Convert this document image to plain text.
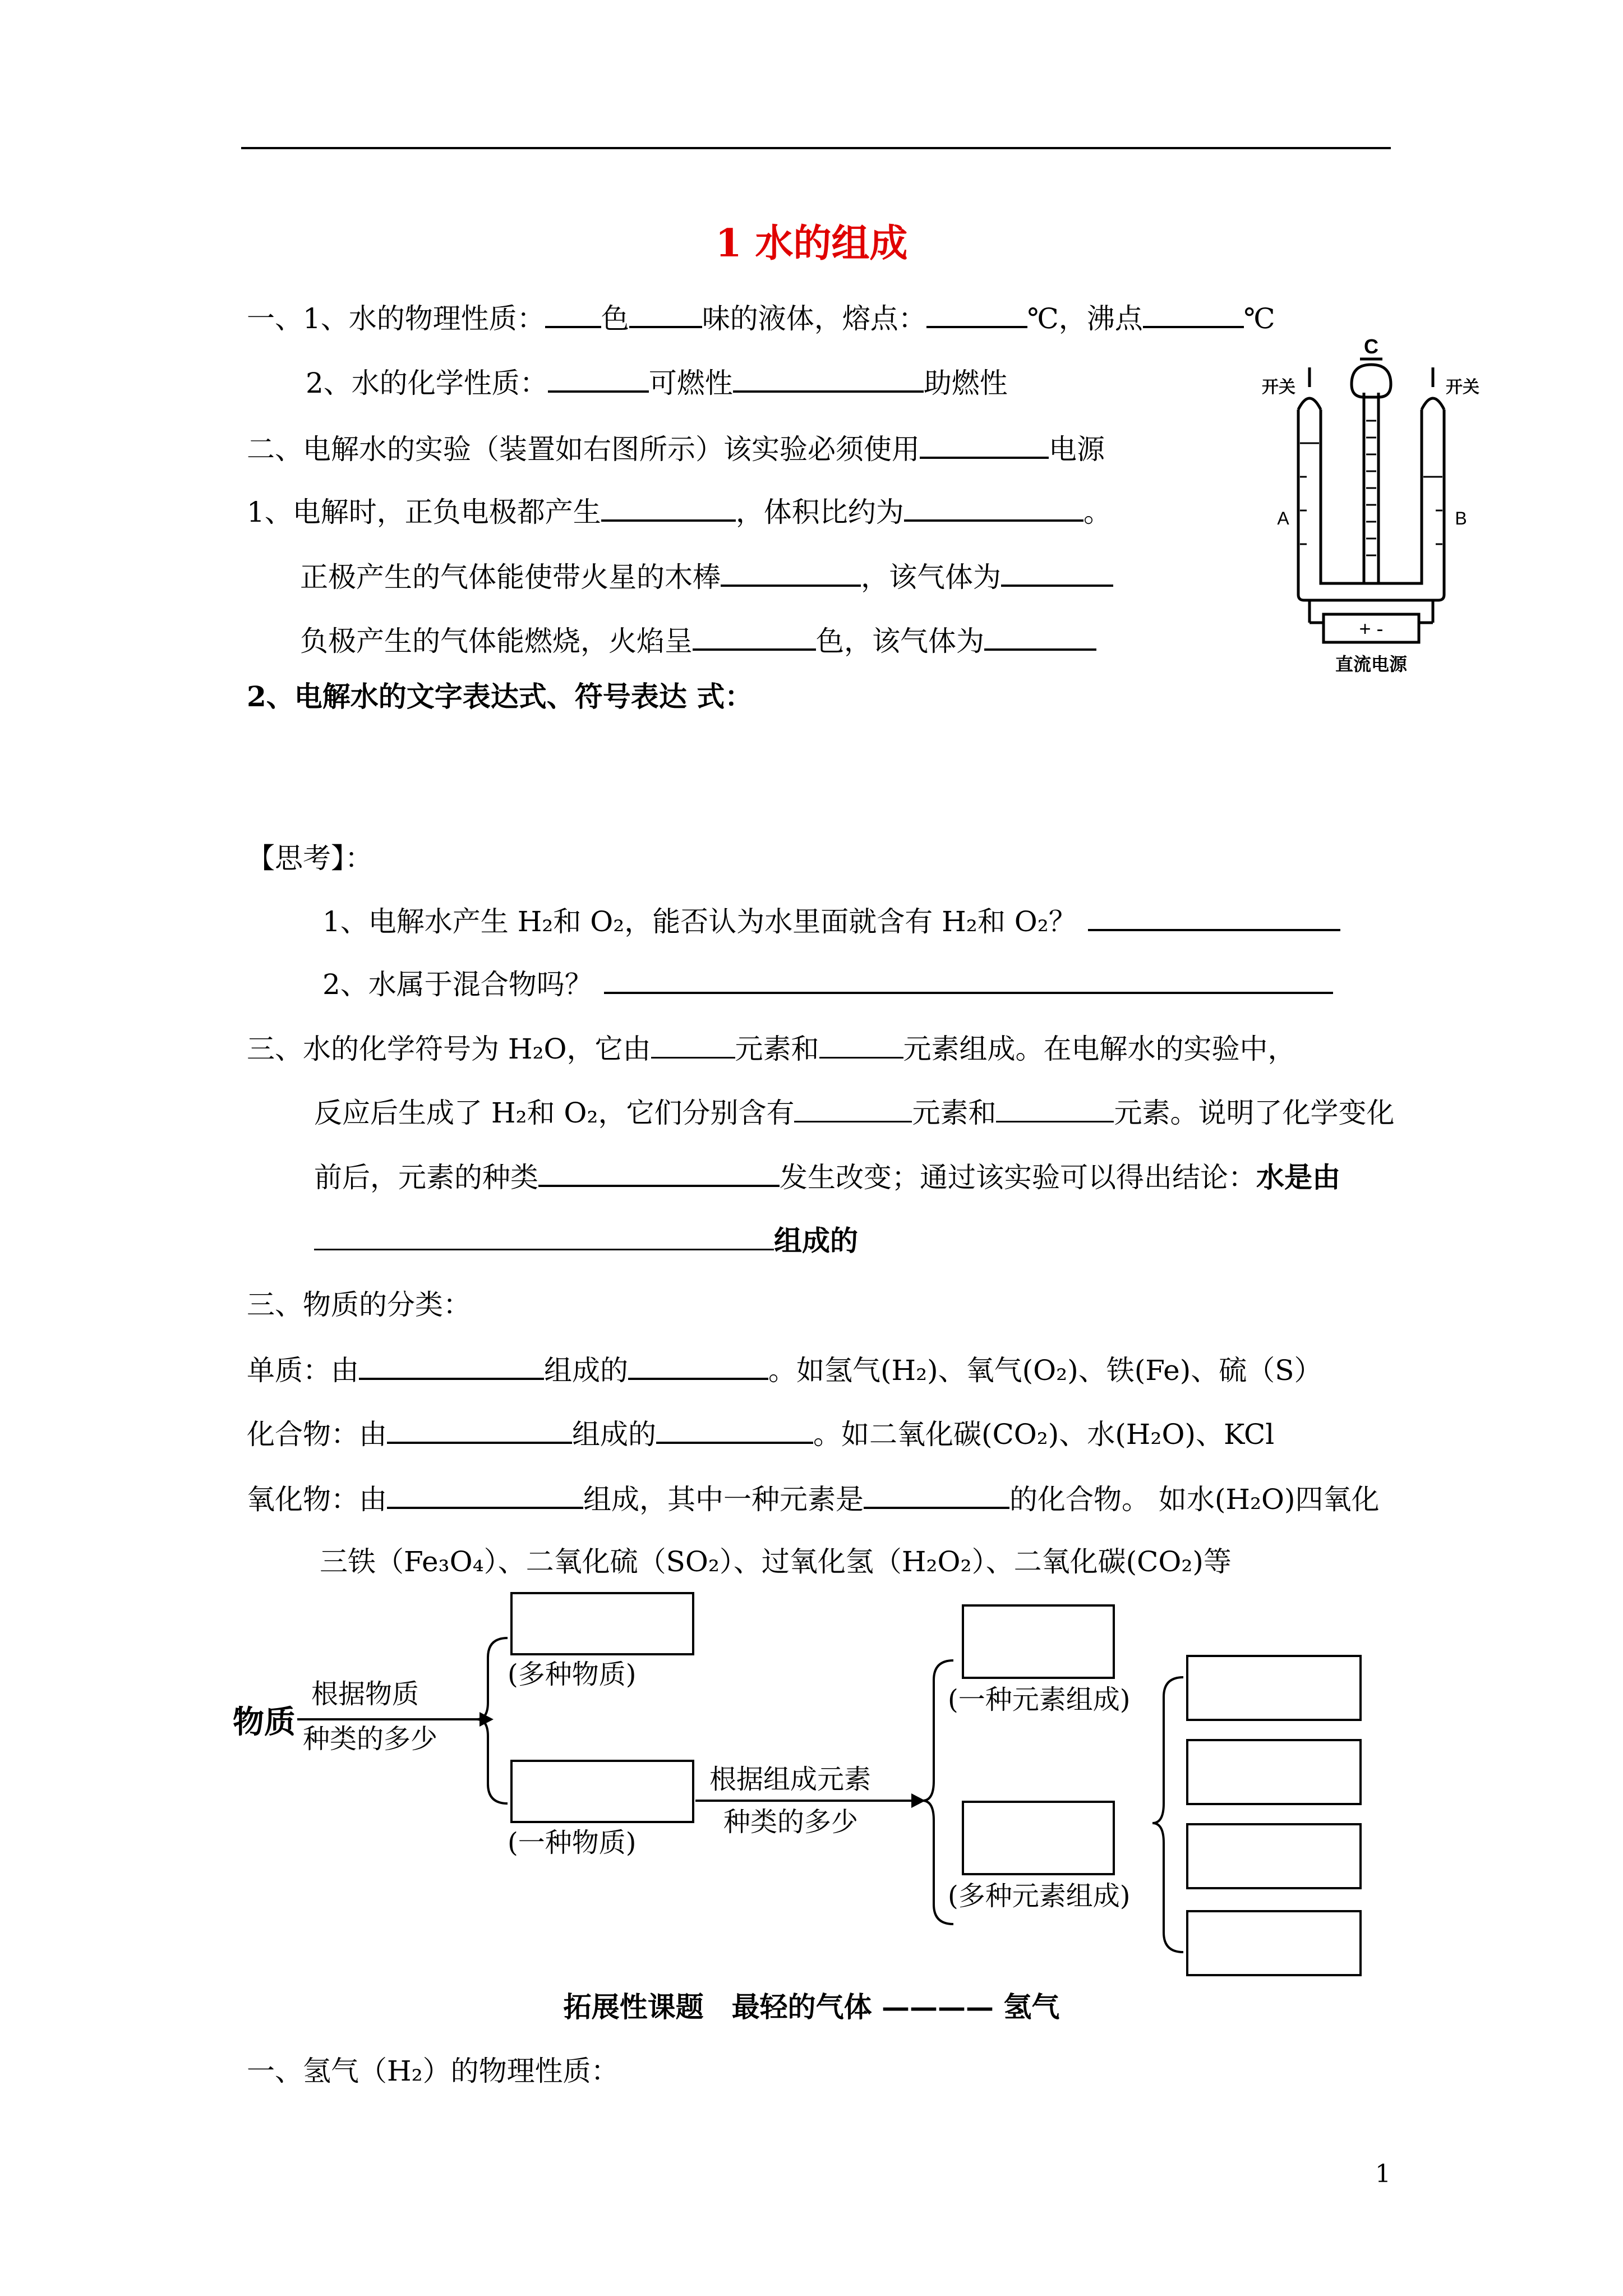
1 水的组成
一、1、水的物理性质： 色	味的液体，熔点：	℃，沸点	℃
2、水的化学性质：	可燃性	助燃性
二、电解水的实验（装置如右图所示）该实验必须使用	电源
1、电解时，正负电极都产生	，体积比约为	。
正极产生的气体能使带火星的木棒	，该气体为
负极产生的气体能燃烧，火焰呈	色，该气体为
2、电解水的文字表达式、符号表达 式：
C
开关	开关
A	B
+ -
直流电源
【思考】：
1、电解水产生 H₂和 O₂，能否认为水里面就含有 H₂和 O₂？
2、水属于混合物吗？
三、水的化学符号为 H₂O，它由	元素和	元素组成。在电解水的实验中，
反应后生成了 H₂和 O₂，它们分别含有	元素和	元素。说明了化学变化
前后，元素的种类	发生改变；通过该实验可以得出结论：水是由
组成的
三、物质的分类：
单质：由	组成的	。如氢气(H₂)、氧气(O₂)、铁(Fe)、硫（S）
化合物：由	组成的	。如二氧化碳(CO₂)、水(H₂O)、KCl
氧化物：由	组成，其中一种元素是	的化合物。 如水(H₂O)四氧化
三铁（Fe₃O₄）、二氧化硫（SO₂）、过氧化氢（H₂O₂）、二氧化碳(CO₂)等
物质
根据物质
种类的多少
(多种物质)
(一种物质)
根据组成元素
种类的多少
(一种元素组成)
(多种元素组成)
拓展性课题　最轻的气体 ———— 氢气
一、氢气（H₂）的物理性质：
1
